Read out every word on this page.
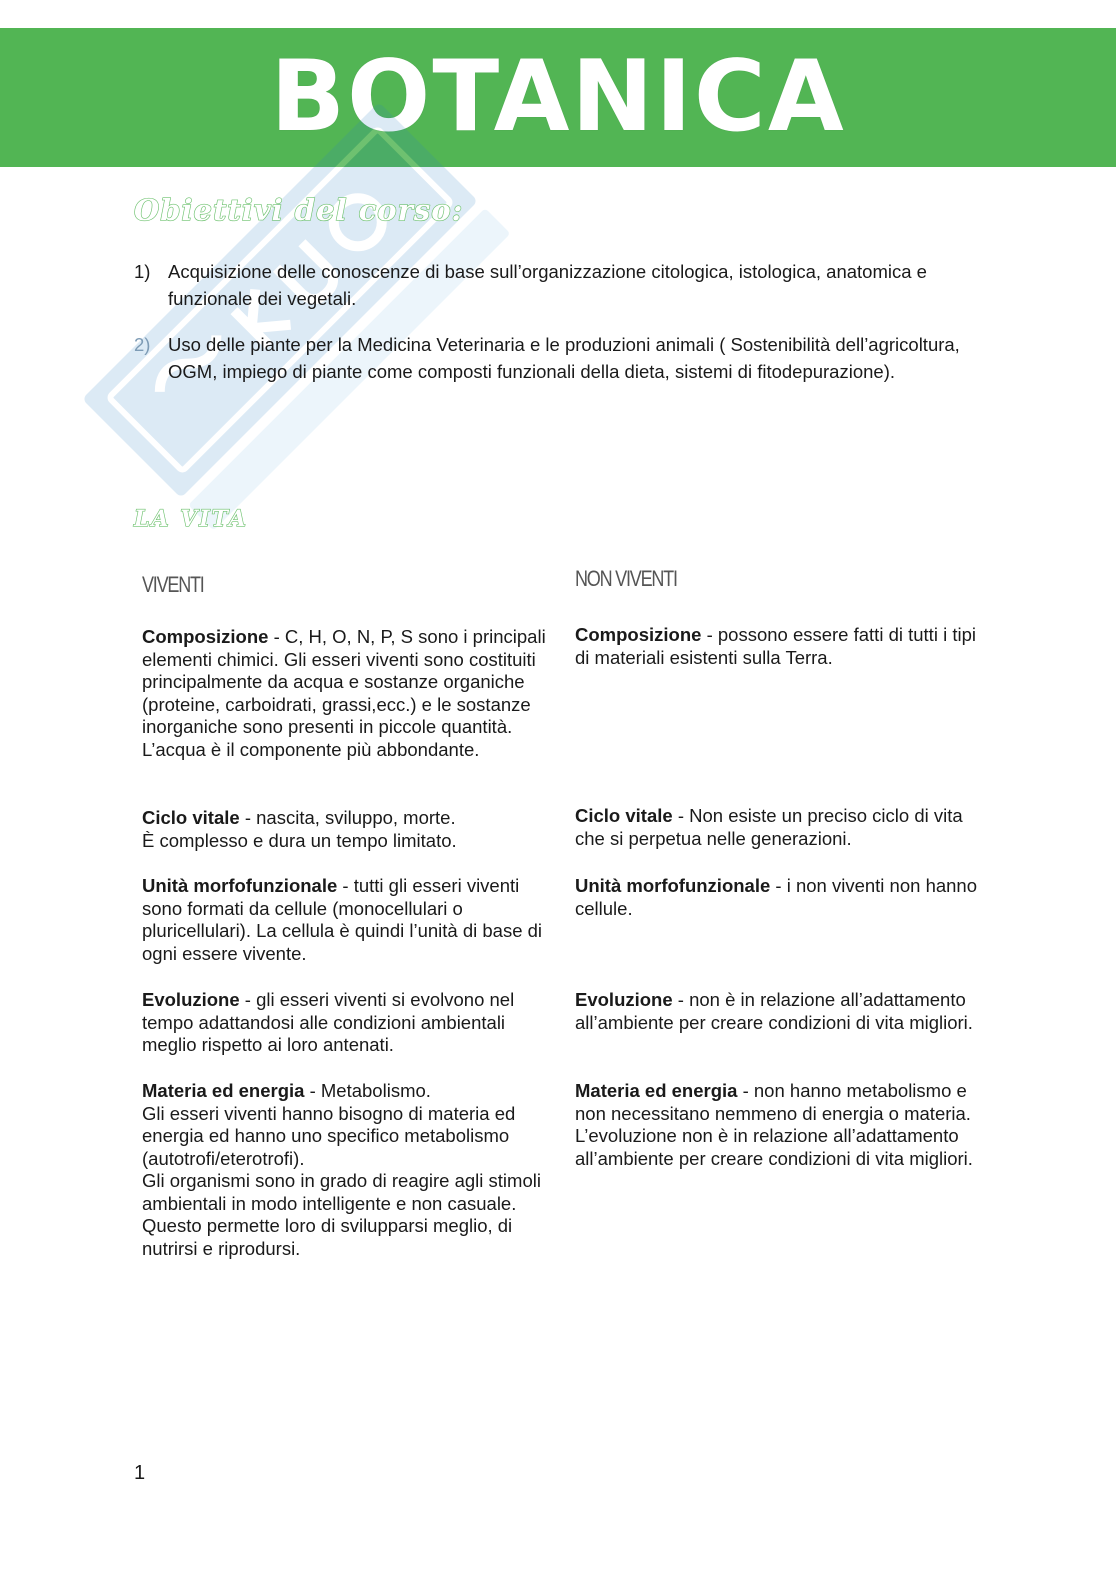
BOTANICA
Obiettivi del corso:
1) Acquisizione delle conoscenze di base sull’organizzazione citologica, istologica, anatomica e funzionale dei vegetali.
2) Uso delle piante per la Medicina Veterinaria e le produzioni animali ( Sostenibilità dell’agricoltura, OGM, impiego di piante come composti funzionali della dieta, sistemi di fitodepurazione).
LA VITA
VIVENTI	NON VIVENTI

Composizione - C, H, O, N, P, S sono i principali elementi chimici. Gli esseri viventi sono costituiti principalmente da acqua e sostanze organiche (proteine, carboidrati, grassi,ecc.) e le sostanze inorganiche sono presenti in piccole quantità.

L’acqua è il componente più abbondante.

Ciclo vitale - nascita, sviluppo, morte.

È complesso e dura un tempo limitato.

Unità morfofunzionale - tutti gli esseri viventi sono formati da cellule (monocellulari o pluricellulari). La cellula è quindi l’unità di base di ogni essere vivente.

Evoluzione - gli esseri viventi si evolvono nel tempo adattandosi alle condizioni ambientali meglio rispetto ai loro antenati.

Materia ed energia - Metabolismo.

Gli esseri viventi hanno bisogno di materia ed energia ed hanno uno specifico metabolismo (autotrofi/eterotrofi).

Gli organismi sono in grado di reagire agli stimoli ambientali in modo intelligente e non casuale. Questo permette loro di svilupparsi meglio, di nutrirsi e riprodursi.

Composizione - possono essere fatti di tutti i tipi di materiali esistenti sulla Terra.

Ciclo vitale - Non esiste un preciso ciclo di vita che si perpetua nelle generazioni.

Unità morfofunzionale - i non viventi non hanno cellule.

Evoluzione - non è in relazione all’adattamento all’ambiente per creare condizioni di vita migliori.

Materia ed energia - non hanno metabolismo e non necessitano nemmeno di energia o materia. L’evoluzione non è in relazione all’adattamento all’ambiente per creare condizioni di vita migliori.

1
